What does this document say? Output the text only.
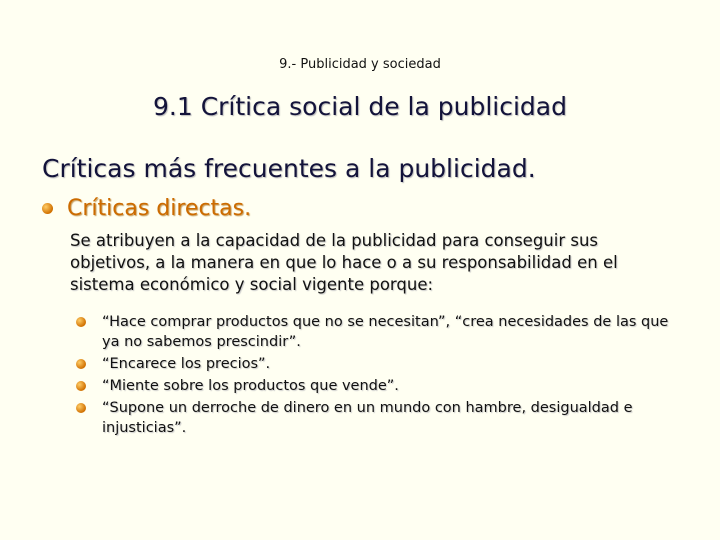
9.- Publicidad y sociedad
9.1 Crítica social de la publicidad
Críticas más frecuentes a la publicidad.
Críticas directas.
Se atribuyen a la capacidad de la publicidad para conseguir sus objetivos, a la manera en que lo hace o a su responsabilidad en el sistema económico y social vigente porque:
“Hace comprar productos que no se necesitan”, “crea necesidades de las que ya no sabemos prescindir”.
“Encarece los precios”.
“Miente sobre los productos que vende”.
“Supone un derroche de dinero en un mundo con hambre, desigualdad e injusticias”.
